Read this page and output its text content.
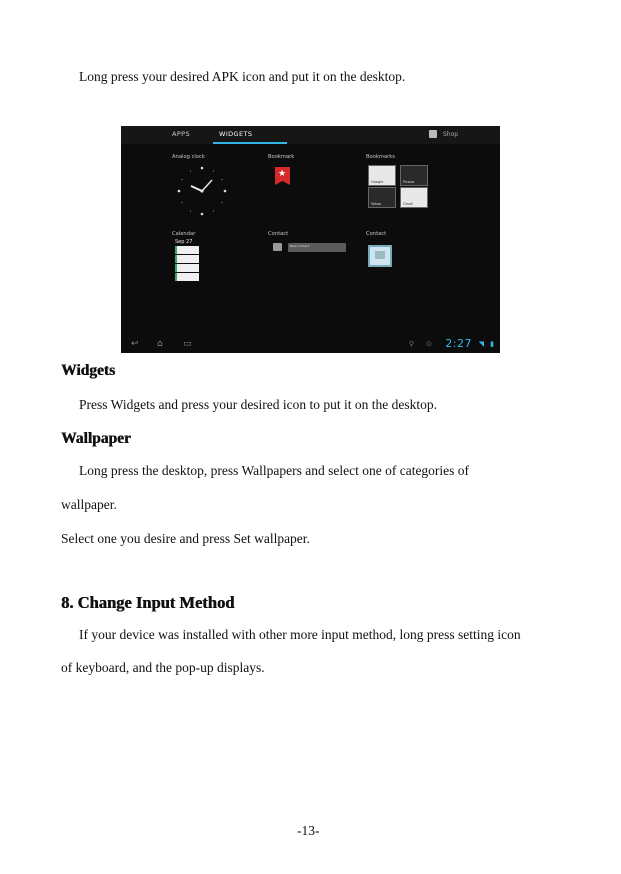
Long press your desired APK icon and put it on the desktop.
APPS	WIDGETS	Shop
Analog clock	Bookmark	Bookmarks
★
Google	Picasa
Yahoo	Gmail
Calendar	Contact	Contact
Sep 27
New Contact
↩ ⌂ ▭	⚲ ⊙ 2:27 ◥ ▮
Widgets
Press Widgets and press your desired icon to put it on the desktop.
Wallpaper
Long press the desktop, press Wallpapers and select one of categories of
wallpaper.
Select one you desire and press Set wallpaper.
8. Change Input Method
If your device was installed with other more input method, long press setting icon
of keyboard, and the pop-up displays.
-13-
